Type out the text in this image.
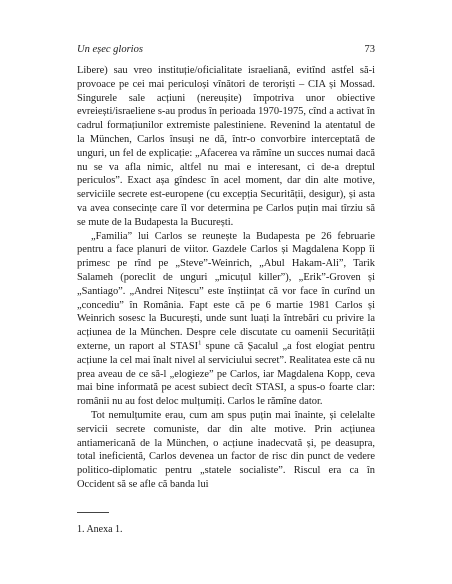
Un eșec glorios	73

Libere) sau vreo instituție/oficialitate israeliană, evitînd astfel să-i provoace pe cei mai periculoși vînători de teroriști – CIA și Mossad. Singurele sale acțiuni (nereușite) împotriva unor obiective evreiești/israeliene s-au produs în perioada 1970-1975, cînd a activat în cadrul formațiunilor extremiste palestiniene. Revenind la atentatul de la München, Carlos însuși ne dă, într-o convorbire interceptată de unguri, un fel de explicație: „Afacerea va rămîne un succes numai dacă nu se va afla nimic, altfel nu mai e interesant, ci de-a dreptul periculos”. Exact așa gîndesc în acel moment, dar din alte motive, serviciile secrete est-europene (cu excepția Securității, desigur), și asta va avea consecințe care îl vor determina pe Carlos puțin mai tîrziu să se mute de la Budapesta la București.

„Familia” lui Carlos se reunește la Budapesta pe 26 februarie pentru a face planuri de viitor. Gazdele Carlos și Magdalena Kopp îi primesc pe rînd pe „Steve”-Weinrich, „Abul Hakam-Ali”, Tarik Salameh (poreclit de unguri „micuțul killer”), „Erik”-Groven și „Santiago”. „Andrei Nițescu” este înștiințat că vor face în curînd un „concediu” în România. Fapt este că pe 6 martie 1981 Carlos și Weinrich sosesc la București, unde sunt luați la întrebări cu privire la acțiunea de la München. Despre cele discutate cu oamenii Securității externe, un raport al STASI$^1$ spune că Șacalul „a fost elogiat pentru acțiune la cel mai înalt nivel al serviciului secret”. Realitatea este că nu prea aveau de ce să-l „elogieze” pe Carlos, iar Magdalena Kopp, ceva mai bine informată pe acest subiect decît STASI, a spus-o foarte clar: românii nu au fost deloc mulțumiți. Carlos le rămîne dator.

Tot nemulțumite erau, cum am spus puțin mai înainte, și celelalte servicii secrete comuniste, dar din alte motive. Prin acțiunea antiamericană de la München, o acțiune inadecvată și, pe deasupra, total ineficientă, Carlos devenea un factor de risc din punct de vedere politico-diplomatic pentru „statele socialiste”. Riscul era ca în Occident să se afle că banda lui

1. Anexa 1.
